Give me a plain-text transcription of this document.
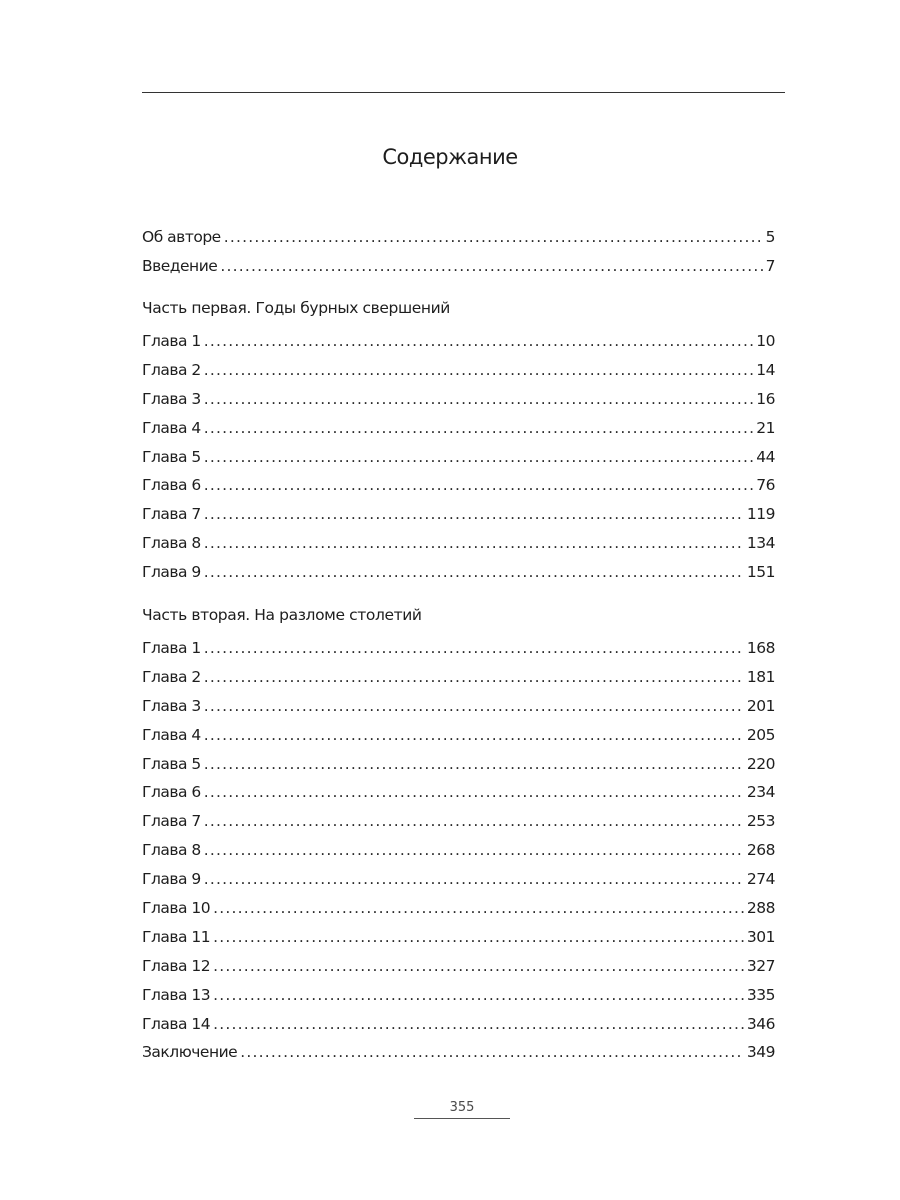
Содержание
Об авторе .....	5
Введение .....	7
Часть первая. Годы бурных свершений
Глава 1 .....	10
Глава 2 .....	14
Глава 3 .....	16
Глава 4 .....	21
Глава 5 .....	44
Глава 6 .....	76
Глава 7 .....	119
Глава 8 .....	134
Глава 9 .....	151
Часть вторая. На разломе столетий
Глава 1 .....	168
Глава 2 .....	181
Глава 3 .....	201
Глава 4 .....	205
Глава 5 .....	220
Глава 6 .....	234
Глава 7 .....	253
Глава 8 .....	268
Глава 9 .....	274
Глава 10 .....	288
Глава 11 .....	301
Глава 12 .....	327
Глава 13 .....	335
Глава 14 .....	346
Заключение .....	349
355
